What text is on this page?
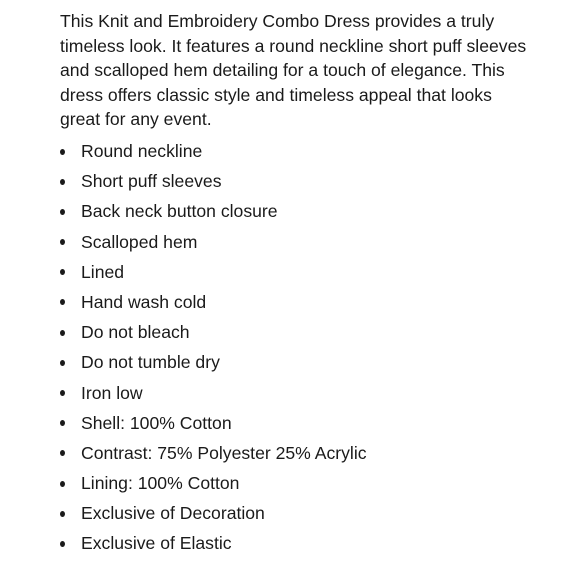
This Knit and Embroidery Combo Dress provides a truly timeless look. It features a round neckline short puff sleeves and scalloped hem detailing for a touch of elegance. This dress offers classic style and timeless appeal that looks great for any event.

Round neckline
Short puff sleeves
Back neck button closure
Scalloped hem
Lined
Hand wash cold
Do not bleach
Do not tumble dry
Iron low
Shell: 100% Cotton
Contrast: 75% Polyester 25% Acrylic
Lining: 100% Cotton
Exclusive of Decoration
Exclusive of Elastic
